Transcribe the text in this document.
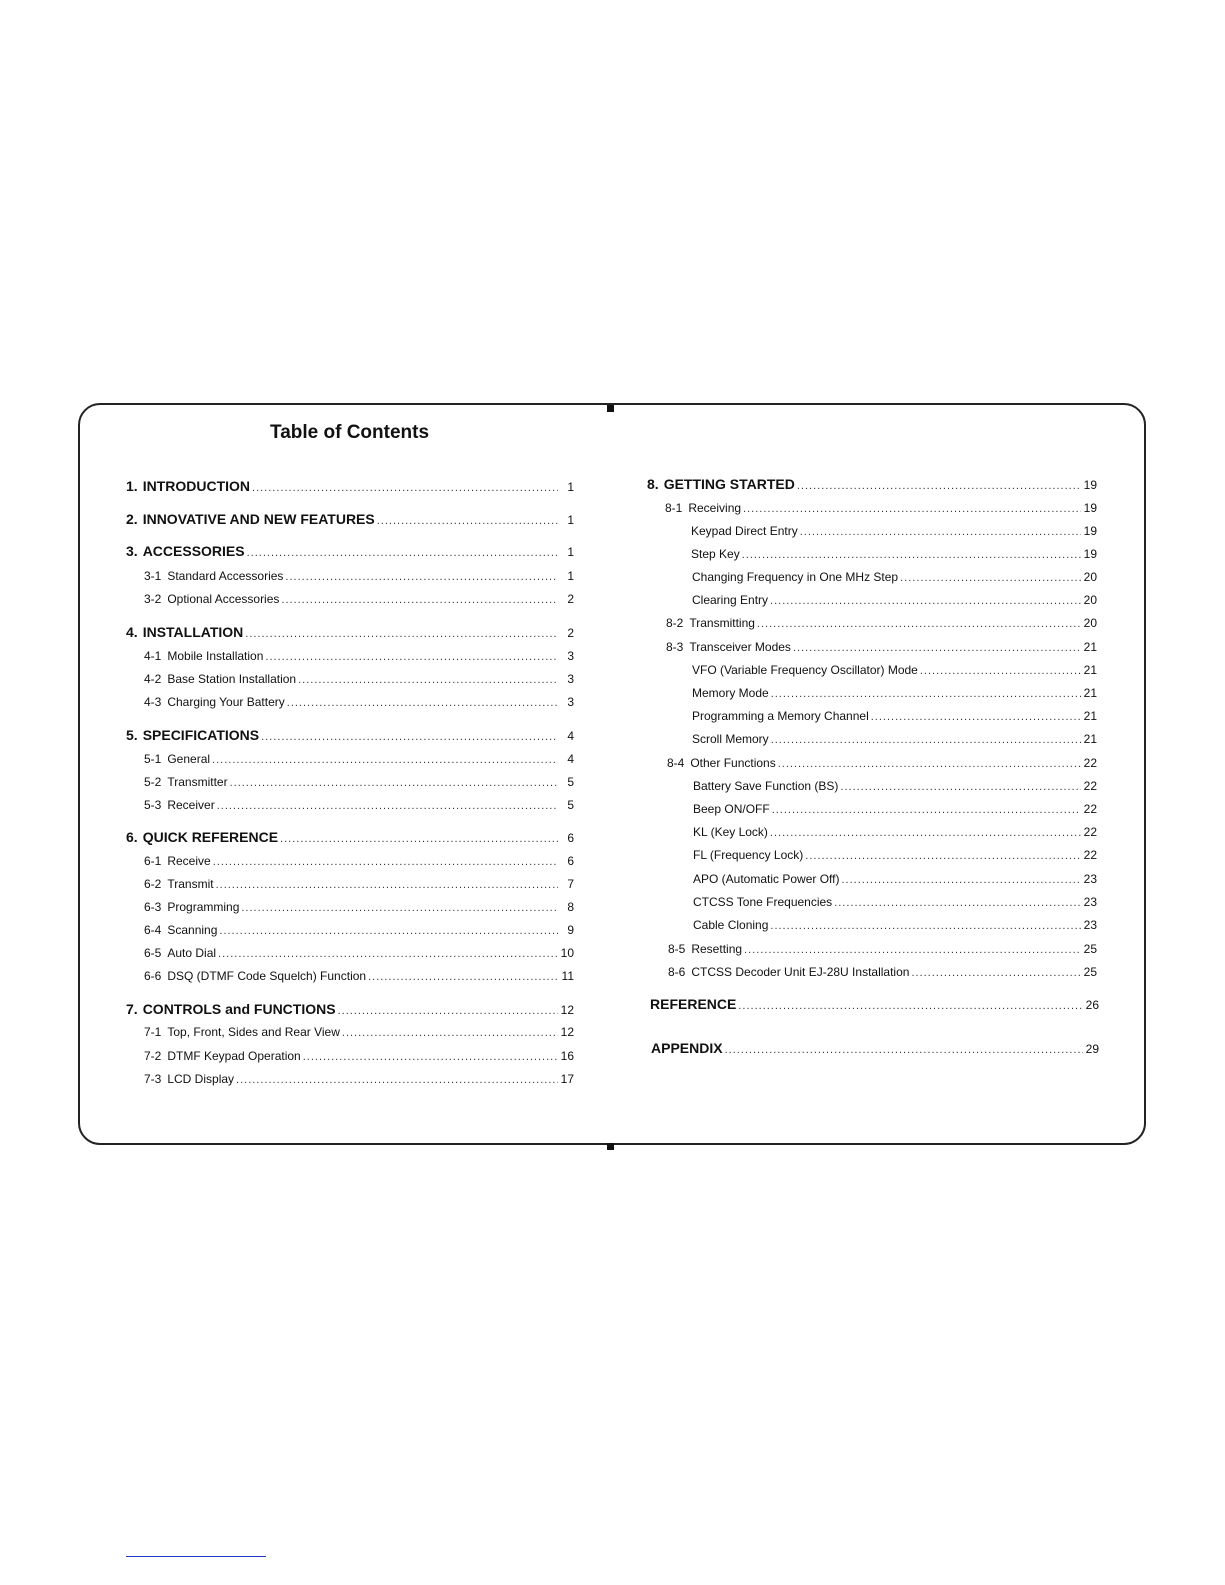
Table of Contents
1. INTRODUCTION .....	1
2. INNOVATIVE AND NEW FEATURES .....	1
3. ACCESSORIES .....	1
3-1 Standard Accessories .....	1
3-2 Optional Accessories .....	2
4. INSTALLATION .....	2
4-1 Mobile Installation .....	3
4-2 Base Station Installation .....	3
4-3 Charging Your Battery .....	3
5. SPECIFICATIONS .....	4
5-1 General .....	4
5-2 Transmitter .....	5
5-3 Receiver .....	5
6. QUICK REFERENCE .....	6
6-1 Receive .....	6
6-2 Transmit .....	7
6-3 Programming .....	8
6-4 Scanning .....	9
6-5 Auto Dial .....	10
6-6 DSQ (DTMF Code Squelch) Function .....	11
7. CONTROLS and FUNCTIONS .....	12
7-1 Top, Front, Sides and Rear View .....	12
7-2 DTMF Keypad Operation .....	16
7-3 LCD Display .....	17
8. GETTING STARTED .....	19
8-1 Receiving .....	19
Keypad Direct Entry .....	19
Step Key .....	19
Changing Frequency in One MHz Step .....	20
Clearing Entry .....	20
8-2 Transmitting .....	20
8-3 Transceiver Modes .....	21
VFO (Variable Frequency Oscillator) Mode .....	21
Memory Mode .....	21
Programming a Memory Channel .....	21
Scroll Memory .....	21
8-4 Other Functions .....	22
Battery Save Function (BS) .....	22
Beep ON/OFF .....	22
KL (Key Lock) .....	22
FL (Frequency Lock) .....	22
APO (Automatic Power Off) .....	23
CTCSS Tone Frequencies .....	23
Cable Cloning .....	23
8-5 Resetting .....	25
8-6 CTCSS Decoder Unit EJ-28U Installation .....	25
REFERENCE .....	26
APPENDIX .....	29
